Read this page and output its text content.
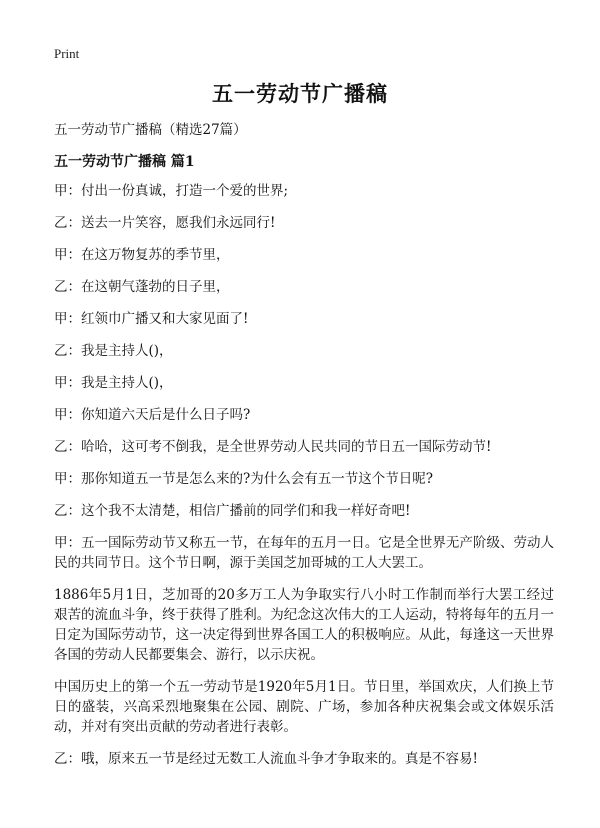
Print
五一劳动节广播稿
五一劳动节广播稿（精选27篇）
五一劳动节广播稿 篇1

甲：付出一份真诚，打造一个爱的世界;

乙：送去一片笑容，愿我们永远同行!

甲：在这万物复苏的季节里，

乙：在这朝气蓬勃的日子里，

甲：红领巾广播又和大家见面了!

乙：我是主持人()，

甲：我是主持人()，

甲：你知道六天后是什么日子吗?

乙：哈哈，这可考不倒我，是全世界劳动人民共同的节日五一国际劳动节!

甲：那你知道五一节是怎么来的?为什么会有五一节这个节日呢?

乙：这个我不太清楚，相信广播前的同学们和我一样好奇吧!

甲：五一国际劳动节又称五一节，在每年的五月一日。它是全世界无产阶级、劳动人民的共同节日。这个节日啊，源于美国芝加哥城的工人大罢工。

1886年5月1日，芝加哥的20多万工人为争取实行八小时工作制而举行大罢工经过艰苦的流血斗争，终于获得了胜利。为纪念这次伟大的工人运动，特将每年的五月一日定为国际劳动节，这一决定得到世界各国工人的积极响应。从此，每逢这一天世界各国的劳动人民都要集会、游行，以示庆祝。

中国历史上的第一个五一劳动节是1920年5月1日。节日里，举国欢庆，人们换上节日的盛装，兴高采烈地聚集在公园、剧院、广场，参加各种庆祝集会或文体娱乐活动，并对有突出贡献的劳动者进行表彰。

乙：哦，原来五一节是经过无数工人流血斗争才争取来的。真是不容易!
